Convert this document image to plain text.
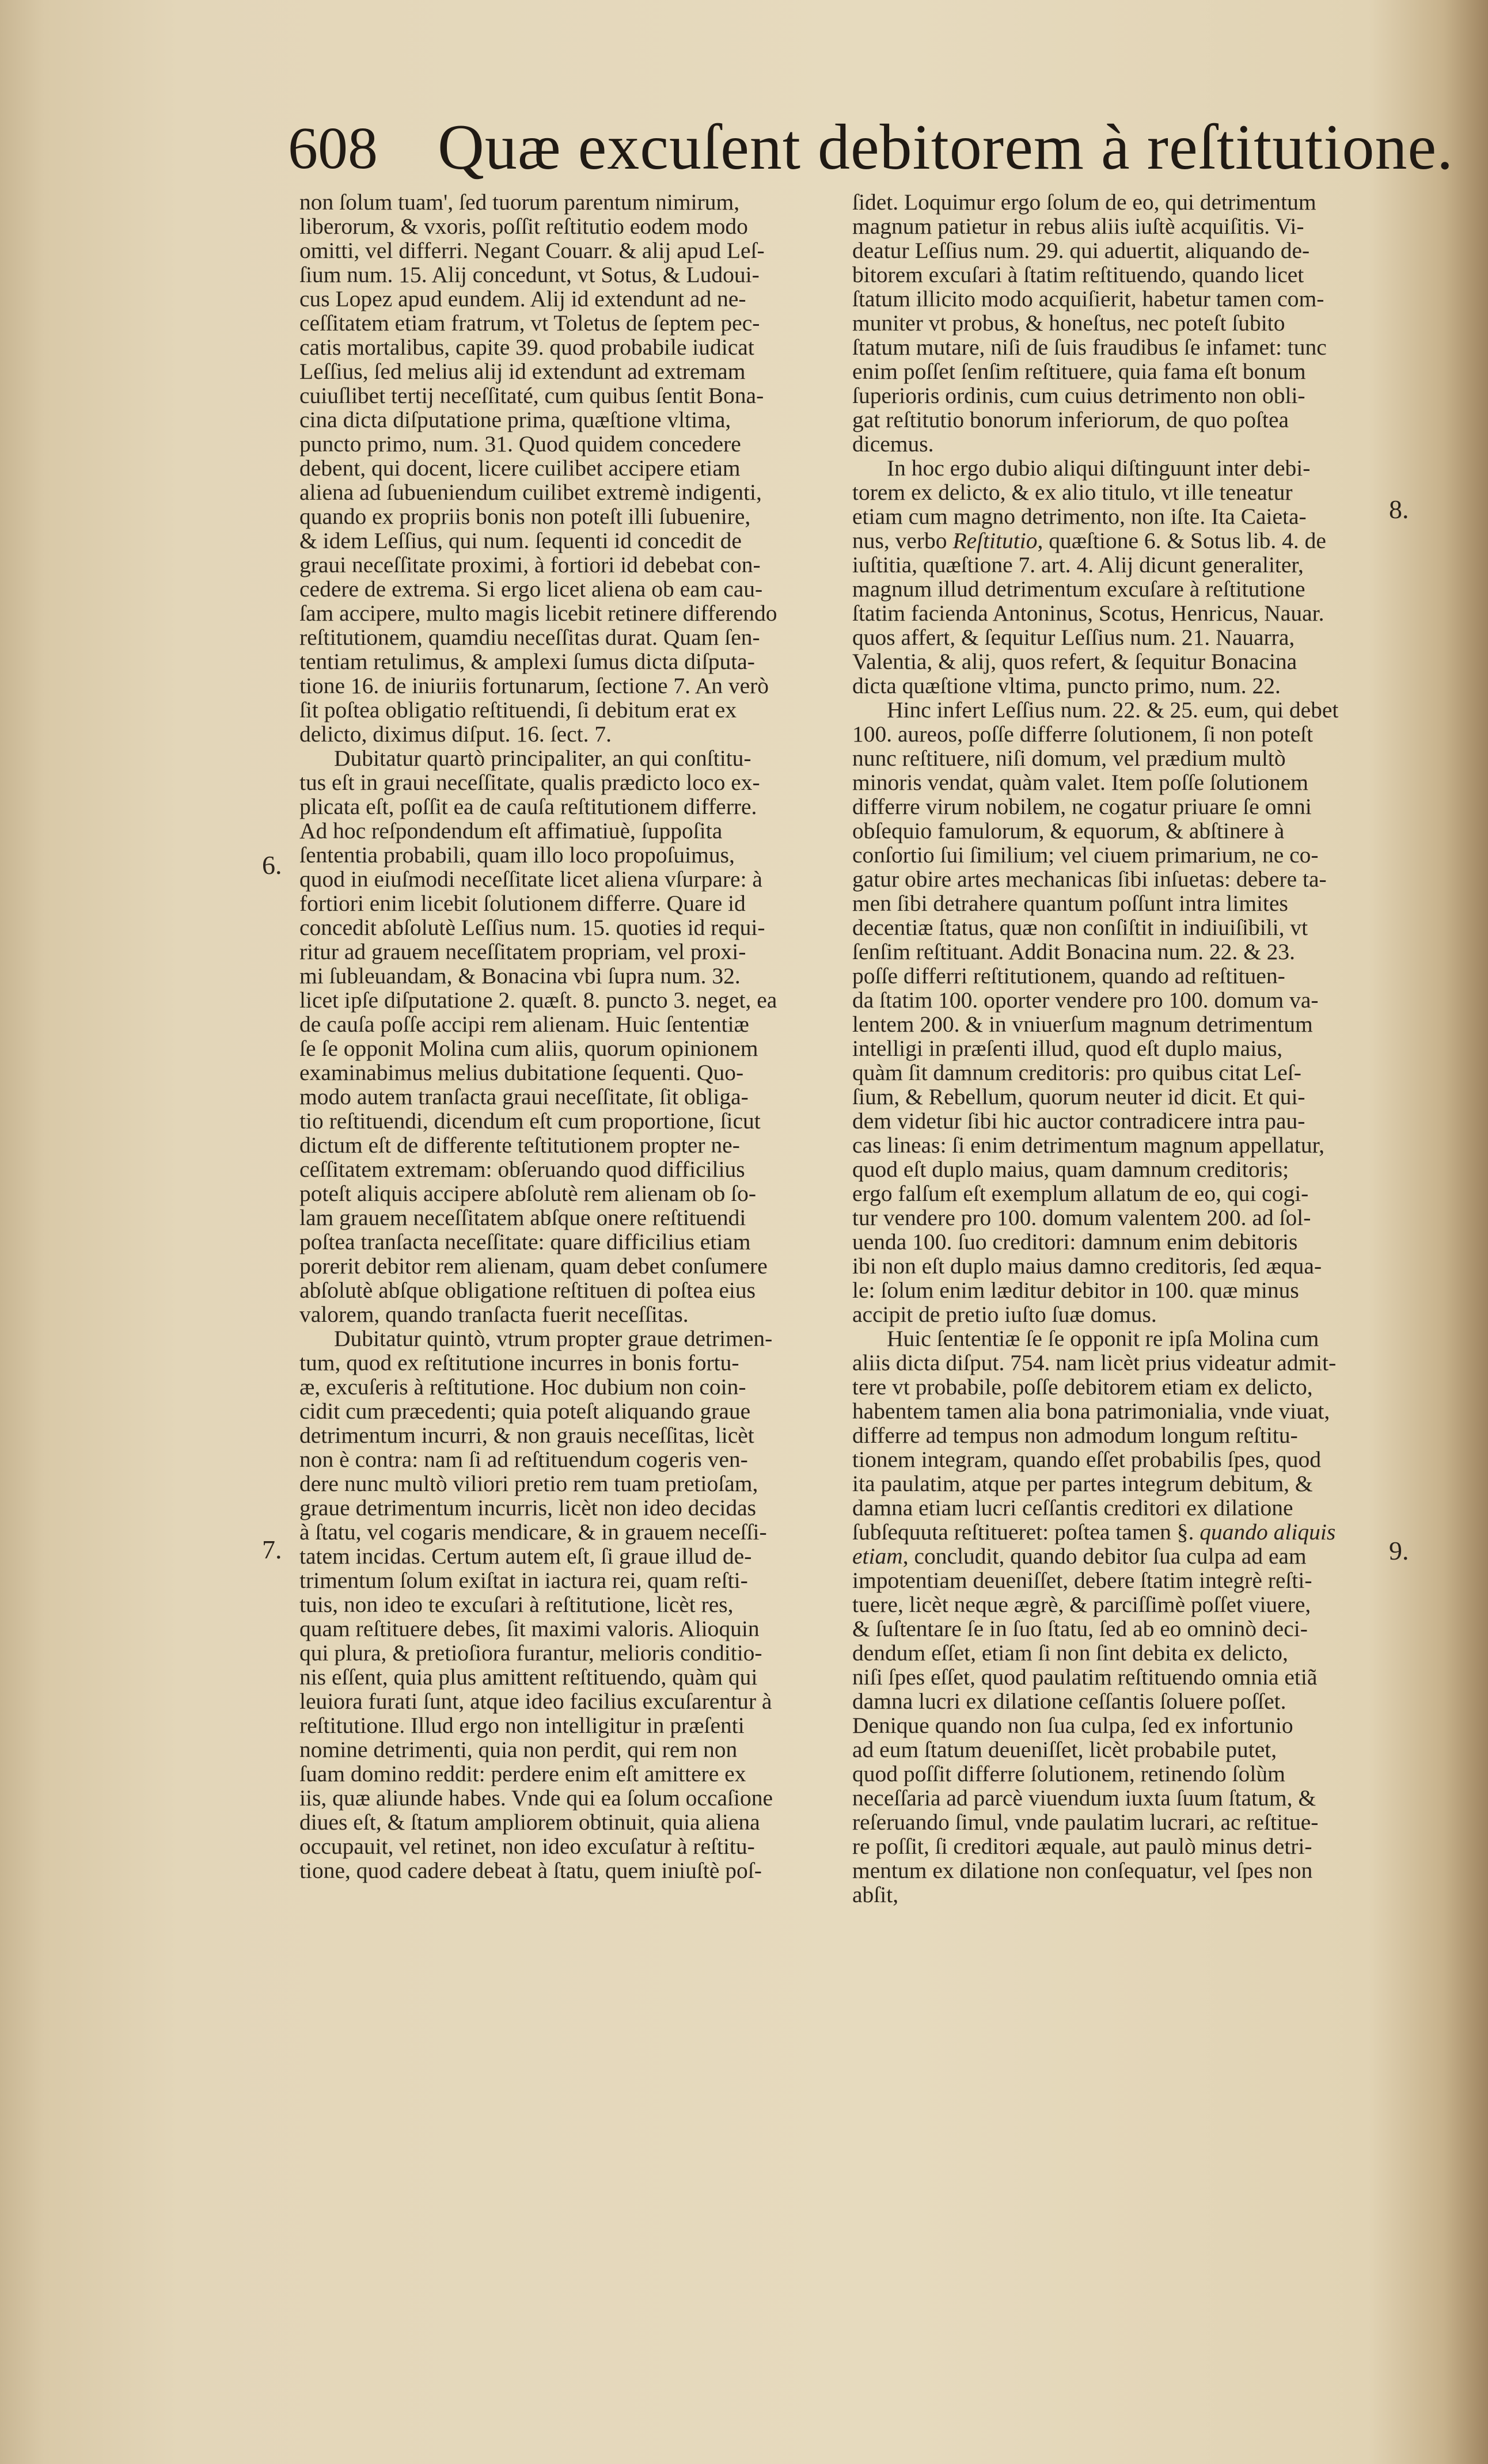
608 Quæ excuſent debitorem à reſtitutione.
6.
7.
8.
9.

non ſolum tuam', ſed tuorum parentum nimirum,
liberorum, & vxoris, poſſit reſtitutio eodem modo
omitti, vel differri. Negant Couarr. & alij apud Leſ-
ſium num. 15. Alij concedunt, vt Sotus, & Ludoui-
cus Lopez apud eundem. Alij id extendunt ad ne-
ceſſitatem etiam fratrum, vt Toletus de ſeptem pec-
catis mortalibus, capite 39. quod probabile iudicat
Leſſius, ſed melius alij id extendunt ad extremam
cuiuſlibet tertij neceſſitaté, cum quibus ſentit Bona-
cina dicta diſputatione prima, quæſtione vltima,
puncto primo, num. 31. Quod quidem concedere
debent, qui docent, licere cuilibet accipere etiam
aliena ad ſubueniendum cuilibet extremè indigenti,
quando ex propriis bonis non poteſt illi ſubuenire,
& idem Leſſius, qui num. ſequenti id concedit de
graui neceſſitate proximi, à fortiori id debebat con-
cedere de extrema. Si ergo licet aliena ob eam cau-
ſam accipere, multo magis licebit retinere differendo
reſtitutionem, quamdiu neceſſitas durat. Quam ſen-
tentiam retulimus, & amplexi ſumus dicta diſputa-
tione 16. de iniuriis fortunarum, ſectione 7. An verò
ſit poſtea obligatio reſtituendi, ſi debitum erat ex
delicto, diximus diſput. 16. ſect. 7.

Dubitatur quartò principaliter, an qui conſtitu-
tus eſt in graui neceſſitate, qualis prædicto loco ex-
plicata eſt, poſſit ea de cauſa reſtitutionem differre.
Ad hoc reſpondendum eſt affimatiuè, ſuppoſita
ſententia probabili, quam illo loco propoſuimus,
quod in eiuſmodi neceſſitate licet aliena vſurpare: à
fortiori enim licebit ſolutionem differre. Quare id
concedit abſolutè Leſſius num. 15. quoties id requi-
ritur ad grauem neceſſitatem propriam, vel proxi-
mi ſubleuandam, & Bonacina vbi ſupra num. 32.
licet ipſe diſputatione 2. quæſt. 8. puncto 3. neget, ea
de cauſa poſſe accipi rem alienam. Huic ſententiæ
ſe ſe opponit Molina cum aliis, quorum opinionem
examinabimus melius dubitatione ſequenti. Quo-
modo autem tranſacta graui neceſſitate, ſit obliga-
tio reſtituendi, dicendum eſt cum proportione, ſicut
dictum eſt de differente teſtitutionem propter ne-
ceſſitatem extremam: obſeruando quod difficilius
poteſt aliquis accipere abſolutè rem alienam ob ſo-
lam grauem neceſſitatem abſque onere reſtituendi
poſtea tranſacta neceſſitate: quare difficilius etiam
porerit debitor rem alienam, quam debet conſumere
abſolutè abſque obligatione reſtituen di poſtea eius
valorem, quando tranſacta fuerit neceſſitas.

Dubitatur quintò, vtrum propter graue detrimen-
tum, quod ex reſtitutione incurres in bonis fortu-
æ, excuſeris à reſtitutione. Hoc dubium non coin-
cidit cum præcedenti; quia poteſt aliquando graue
detrimentum incurri, & non grauis neceſſitas, licèt
non è contra: nam ſi ad reſtituendum cogeris ven-
dere nunc multò viliori pretio rem tuam pretioſam,
graue detrimentum incurris, licèt non ideo decidas
à ſtatu, vel cogaris mendicare, & in grauem neceſſi-
tatem incidas. Certum autem eſt, ſi graue illud de-
trimentum ſolum exiſtat in iactura rei, quam reſti-
tuis, non ideo te excuſari à reſtitutione, licèt res,
quam reſtituere debes, ſit maximi valoris. Alioquin
qui plura, & pretioſiora furantur, melioris conditio-
nis eſſent, quia plus amittent reſtituendo, quàm qui
leuiora furati ſunt, atque ideo facilius excuſarentur à
reſtitutione. Illud ergo non intelligitur in præſenti
nomine detrimenti, quia non perdit, qui rem non
ſuam domino reddit: perdere enim eſt amittere ex
iis, quæ aliunde habes. Vnde qui ea ſolum occaſione
diues eſt, & ſtatum ampliorem obtinuit, quia aliena
occupauit, vel retinet, non ideo excuſatur à reſtitu-
tione, quod cadere debeat à ſtatu, quem iniuſtè poſ-

ſidet. Loquimur ergo ſolum de eo, qui detrimentum
magnum patietur in rebus aliis iuſtè acquiſitis. Vi-
deatur Leſſius num. 29. qui aduertit, aliquando de-
bitorem excuſari à ſtatim reſtituendo, quando licet
ſtatum illicito modo acquiſierit, habetur tamen com-
muniter vt probus, & honeſtus, nec poteſt ſubito
ſtatum mutare, niſi de ſuis fraudibus ſe infamet: tunc
enim poſſet ſenſim reſtituere, quia fama eſt bonum
ſuperioris ordinis, cum cuius detrimento non obli-
gat reſtitutio bonorum inferiorum, de quo poſtea
dicemus.

In hoc ergo dubio aliqui diſtinguunt inter debi-
torem ex delicto, & ex alio titulo, vt ille teneatur
etiam cum magno detrimento, non iſte. Ita Caieta-
nus, verbo Reſtitutio, quæſtione 6. & Sotus lib. 4. de
iuſtitia, quæſtione 7. art. 4. Alij dicunt generaliter,
magnum illud detrimentum excuſare à reſtitutione
ſtatim facienda Antoninus, Scotus, Henricus, Nauar.
quos affert, & ſequitur Leſſius num. 21. Nauarra,
Valentia, & alij, quos refert, & ſequitur Bonacina
dicta quæſtione vltima, puncto primo, num. 22.

Hinc infert Leſſius num. 22. & 25. eum, qui debet
100. aureos, poſſe differre ſolutionem, ſi non poteſt
nunc reſtituere, niſi domum, vel prædium multò
minoris vendat, quàm valet. Item poſſe ſolutionem
differre virum nobilem, ne cogatur priuare ſe omni
obſequio famulorum, & equorum, & abſtinere à
conſortio ſui ſimilium; vel ciuem primarium, ne co-
gatur obire artes mechanicas ſibi inſuetas: debere ta-
men ſibi detrahere quantum poſſunt intra limites
decentiæ ſtatus, quæ non conſiſtit in indiuiſibili, vt
ſenſim reſtituant. Addit Bonacina num. 22. & 23.
poſſe differri reſtitutionem, quando ad reſtituen-
da ſtatim 100. oporter vendere pro 100. domum va-
lentem 200. & in vniuerſum magnum detrimentum
intelligi in præſenti illud, quod eſt duplo maius,
quàm ſit damnum creditoris: pro quibus citat Leſ-
ſium, & Rebellum, quorum neuter id dicit. Et qui-
dem videtur ſibi hic auctor contradicere intra pau-
cas lineas: ſi enim detrimentum magnum appellatur,
quod eſt duplo maius, quam damnum creditoris;
ergo falſum eſt exemplum allatum de eo, qui cogi-
tur vendere pro 100. domum valentem 200. ad ſol-
uenda 100. ſuo creditori: damnum enim debitoris
ibi non eſt duplo maius damno creditoris, ſed æqua-
le: ſolum enim læditur debitor in 100. quæ minus
accipit de pretio iuſto ſuæ domus.

Huic ſententiæ ſe ſe opponit re ipſa Molina cum
aliis dicta diſput. 754. nam licèt prius videatur admit-
tere vt probabile, poſſe debitorem etiam ex delicto,
habentem tamen alia bona patrimonialia, vnde viuat,
differre ad tempus non admodum longum reſtitu-
tionem integram, quando eſſet probabilis ſpes, quod
ita paulatim, atque per partes integrum debitum, &
damna etiam lucri ceſſantis creditori ex dilatione
ſubſequuta reſtitueret: poſtea tamen §. quando aliquis
etiam, concludit, quando debitor ſua culpa ad eam
impotentiam deueniſſet, debere ſtatim integrè reſti-
tuere, licèt neque ægrè, & parciſſimè poſſet viuere,
& ſuſtentare ſe in ſuo ſtatu, ſed ab eo omninò deci-
dendum eſſet, etiam ſi non ſint debita ex delicto,
niſi ſpes eſſet, quod paulatim reſtituendo omnia etiã
damna lucri ex dilatione ceſſantis ſoluere poſſet.
Denique quando non ſua culpa, ſed ex infortunio
ad eum ſtatum deueniſſet, licèt probabile putet,
quod poſſit differre ſolutionem, retinendo ſolùm
neceſſaria ad parcè viuendum iuxta ſuum ſtatum, &
reſeruando ſimul, vnde paulatim lucrari, ac reſtitue-
re poſſit, ſi creditori æquale, aut paulò minus detri-
mentum ex dilatione non conſequatur, vel ſpes non
abſit,
